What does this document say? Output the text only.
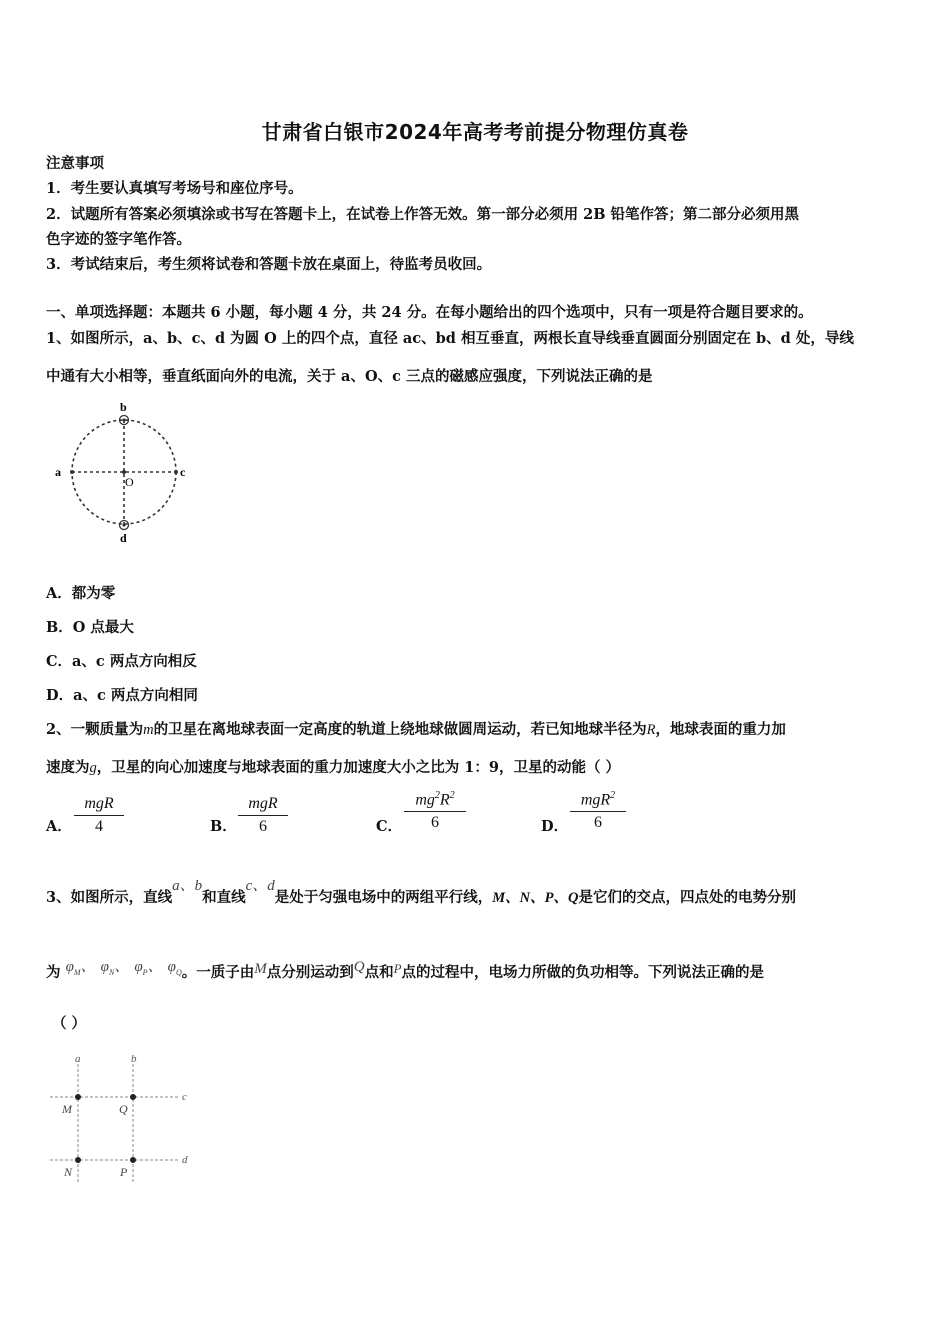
甘肃省白银市2024年高考考前提分物理仿真卷
注意事项
1．考生要认真填写考场号和座位序号。
2．试题所有答案必须填涂或书写在答题卡上，在试卷上作答无效。第一部分必须用 2B 铅笔作答；第二部分必须用黑
色字迹的签字笔作答。
3．考试结束后，考生须将试卷和答题卡放在桌面上，待监考员收回。
一、单项选择题：本题共 6 小题，每小题 4 分，共 24 分。在每小题给出的四个选项中，只有一项是符合题目要求的。
1、如图所示，a、b、c、d 为圆 O 上的四个点，直径 ac、bd 相互垂直，两根长直导线垂直圆面分别固定在 b、d 处，导线
中通有大小相等，垂直纸面向外的电流，关于 a、O、c 三点的磁感应强度，下列说法正确的是
b
a	c
O
d
A．都为零
B．O 点最大
C．a、c 两点方向相反
D．a、c 两点方向相同
2、一颗质量为m的卫星在离地球表面一定高度的轨道上绕地球做圆周运动，若已知地球半径为R，地球表面的重力加
速度为g，卫星的向心加速度与地球表面的重力加速度大小之比为 1：9，卫星的动能（ ）
A．
mgR
4	B．
mgR
6	C． $\frac{mg^2R^2}{6}$	D．
mgR$^2$
6
3、如图所示，直线a、b和直线c、d是处于匀强电场中的两组平行线，M、N、P、Q是它们的交点，四点处的电势分别
为 $\varphi_M$、 $\varphi_N$、 $\varphi_P$、 $\varphi_Q$。一质子由M点分别运动到Q点和P点的过程中，电场力所做的负功相等。下列说法正确的是
（ ）
a	b
c
d
M	Q
N	P
